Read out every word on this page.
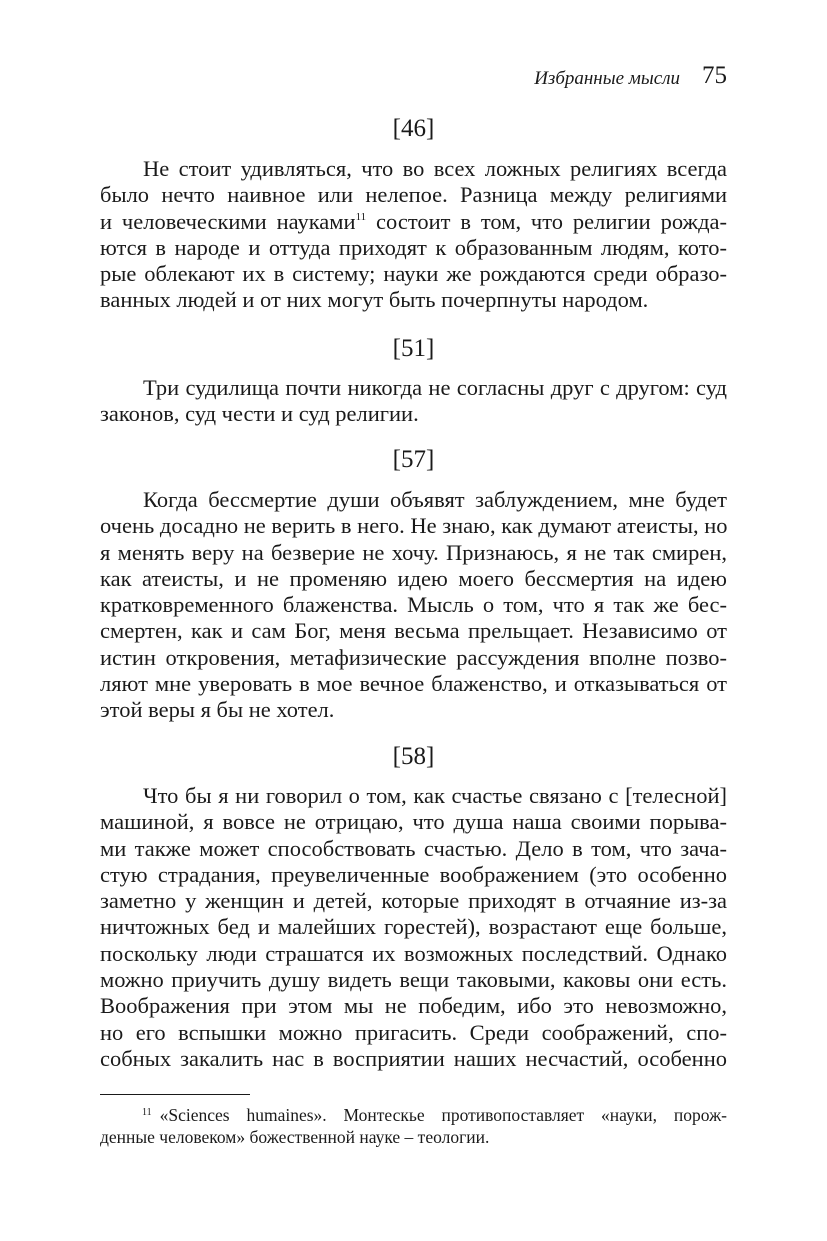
Избранные мысли 75
[46]
Не стоит удивляться, что во всех ложных религиях всегда
было нечто наивное или нелепое. Разница между религиями
и человеческими науками$^{11}$ состоит в том, что религии рожда-
ются в народе и оттуда приходят к образованным людям, кото-
рые облекают их в систему; науки же рождаются среди образо-
ванных людей и от них могут быть почерпнуты народом.
[51]
Три судилища почти никогда не согласны друг с другом: суд
законов, суд чести и суд религии.
[57]
Когда бессмертие души объявят заблуждением, мне будет
очень досадно не верить в него. Не знаю, как думают атеисты, но
я менять веру на безверие не хочу. Признаюсь, я не так смирен,
как атеисты, и не променяю идею моего бессмертия на идею
кратковременного блаженства. Мысль о том, что я так же бес-
смертен, как и сам Бог, меня весьма прельщает. Независимо от
истин откровения, метафизические рассуждения вполне позво-
ляют мне уверовать в мое вечное блаженство, и отказываться от
этой веры я бы не хотел.
[58]
Что бы я ни говорил о том, как счастье связано с [телесной]
машиной, я вовсе не отрицаю, что душа наша своими порыва-
ми также может способствовать счастью. Дело в том, что зача-
стую страдания, преувеличенные воображением (это особенно
заметно у женщин и детей, которые приходят в отчаяние из-за
ничтожных бед и малейших горестей), возрастают еще больше,
поскольку люди страшатся их возможных последствий. Однако
можно приучить душу видеть вещи таковыми, каковы они есть.
Воображения при этом мы не победим, ибо это невозможно,
но его вспышки можно пригасить. Среди соображений, спо-
собных закалить нас в восприятии наших несчастий, особенно
$^{11}$ «Sciences humaines». Монтескье противопоставляет «науки, порож-
денные человеком» божественной науке – теологии.
